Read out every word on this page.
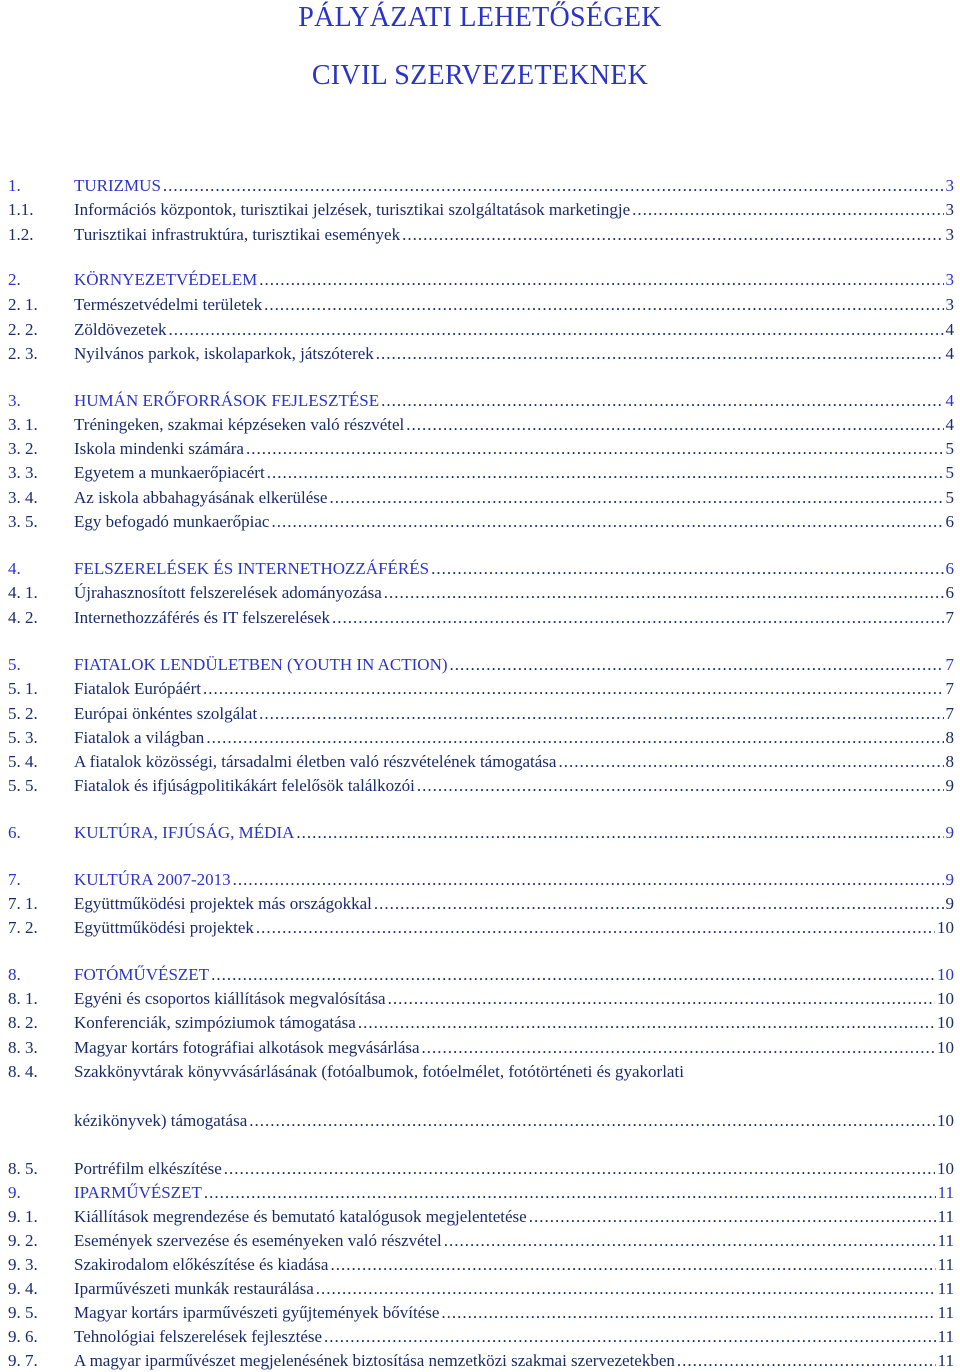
PÁLYÁZATI LEHETŐSÉGEK
CIVIL SZERVEZETEKNEK
1.	TURIZMUS .....	3
1.1.	Információs központok, turisztikai jelzések, turisztikai szolgáltatások marketingje .....	3
1.2.	Turisztikai infrastruktúra, turisztikai események .....	3
2.	KÖRNYEZETVÉDELEM .....	3
2. 1.	Természetvédelmi területek .....	3
2. 2.	Zöldövezetek .....	4
2. 3.	Nyilvános parkok, iskolaparkok, játszóterek .....	4
3.	HUMÁN ERŐFORRÁSOK FEJLESZTÉSE .....	4
3. 1.	Tréningeken, szakmai képzéseken való részvétel .....	4
3. 2.	Iskola mindenki számára .....	5
3. 3.	Egyetem a munkaerőpiacért .....	5
3. 4.	Az iskola abbahagyásának elkerülése .....	5
3. 5.	Egy befogadó munkaerőpiac .....	6
4.	FELSZERELÉSEK ÉS INTERNETHOZZÁFÉRÉS .....	6
4. 1.	Újrahasznosított felszerelések adományozása .....	6
4. 2.	Internethozzáférés és IT felszerelések .....	7
5.	FIATALOK LENDÜLETBEN (YOUTH IN ACTION) .....	7
5. 1.	Fiatalok Európáért .....	7
5. 2.	Európai önkéntes szolgálat .....	7
5. 3.	Fiatalok a világban .....	8
5. 4.	A fiatalok közösségi, társadalmi életben való részvételének támogatása .....	8
5. 5.	Fiatalok és ifjúságpolitikákárt felelősök találkozói .....	9
6.	KULTÚRA, IFJÚSÁG, MÉDIA .....	9
7.	KULTÚRA 2007-2013 .....	9
7. 1.	Együttműködési projektek más országokkal .....	9
7. 2.	Együttműködési projektek .....	10
8.	FOTÓMŰVÉSZET .....	10
8. 1.	Egyéni és csoportos kiállítások megvalósítása .....	10
8. 2.	Konferenciák, szimpóziumok támogatása .....	10
8. 3.	Magyar kortárs fotográfiai alkotások megvásárlása .....	10
8. 4.	Szakkönyvtárak könyvvásárlásának (fotóalbumok, fotóelmélet, fotótörténeti és gyakorlati
kézikönyvek) támogatása .....	10
8. 5.	Portréfilm elkészítése .....	10
9.	IPARMŰVÉSZET .....	11
9. 1.	Kiállítások megrendezése és bemutató katalógusok megjelentetése .....	11
9. 2.	Események szervezése és eseményeken való részvétel .....	11
9. 3.	Szakirodalom előkészítése és kiadása .....	11
9. 4.	Iparművészeti munkák restaurálása .....	11
9. 5.	Magyar kortárs iparművészeti gyűjtemények bővítése .....	11
9. 6.	Tehnológiai felszerelések fejlesztése .....	11
9. 7.	A magyar iparművészet megjelenésének biztosítása nemzetközi szakmai szervezetekben .....	11
